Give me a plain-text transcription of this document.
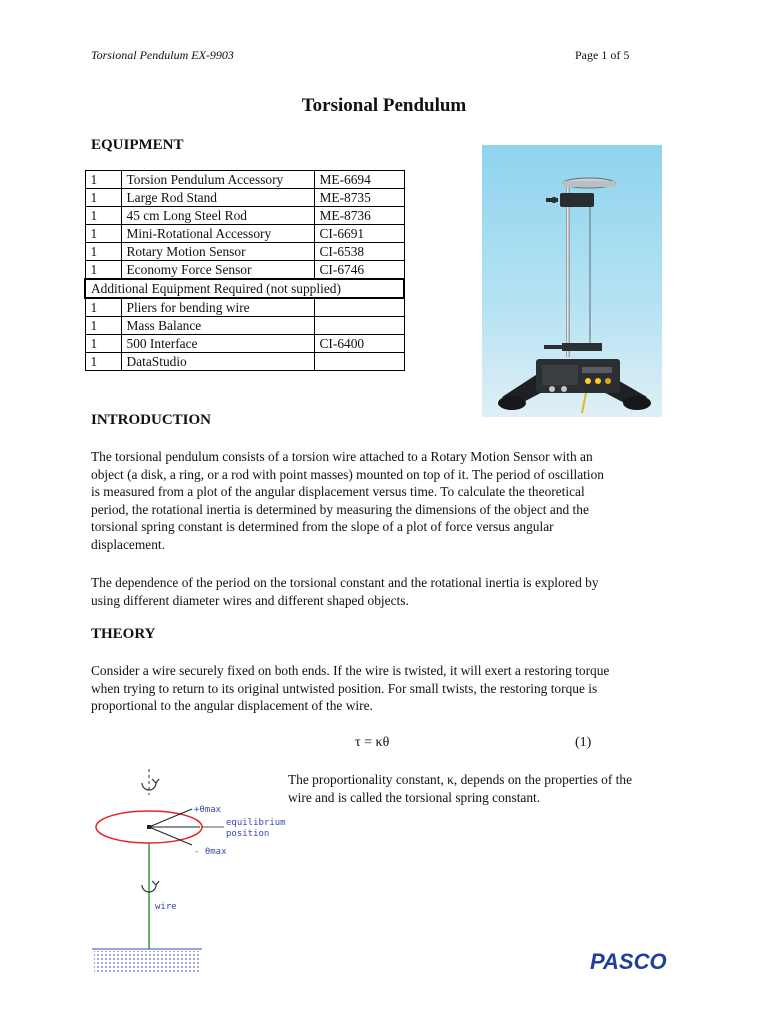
Torsional Pendulum EX-9903	Page 1 of 5
Torsional Pendulum
EQUIPMENT
1	Torsion Pendulum Accessory	ME-6694
1	Large Rod Stand	ME-8735
1	45 cm Long Steel Rod	ME-8736
1	Mini-Rotational Accessory	CI-6691
1	Rotary Motion Sensor	CI-6538
1	Economy Force Sensor	CI-6746
Additional Equipment Required (not supplied)		
1	Pliers for bending wire	
1	Mass Balance	
1	500 Interface	CI-6400
1	DataStudio	
INTRODUCTION
The torsional pendulum consists of a torsion wire attached to a Rotary Motion Sensor with an
object (a disk, a ring, or a rod with point masses) mounted on top of it. The period of oscillation
is measured from a plot of the angular displacement versus time. To calculate the theoretical
period, the rotational inertia is determined by measuring the dimensions of the object and the
torsional spring constant is determined from the slope of a plot of force versus angular
displacement.
The dependence of the period on the torsional constant and the rotational inertia is explored by
using different diameter wires and different shaped objects.
THEORY
Consider a wire securely fixed on both ends. If the wire is twisted, it will exert a restoring torque
when trying to return to its original untwisted position. For small twists, the restoring torque is
proportional to the angular displacement of the wire.
τ = κθ	(1)
The proportionality constant, κ, depends on the properties of the
wire and is called the torsional spring constant.
+θmax
equilibrium
position
- θmax
wire
PASCO
